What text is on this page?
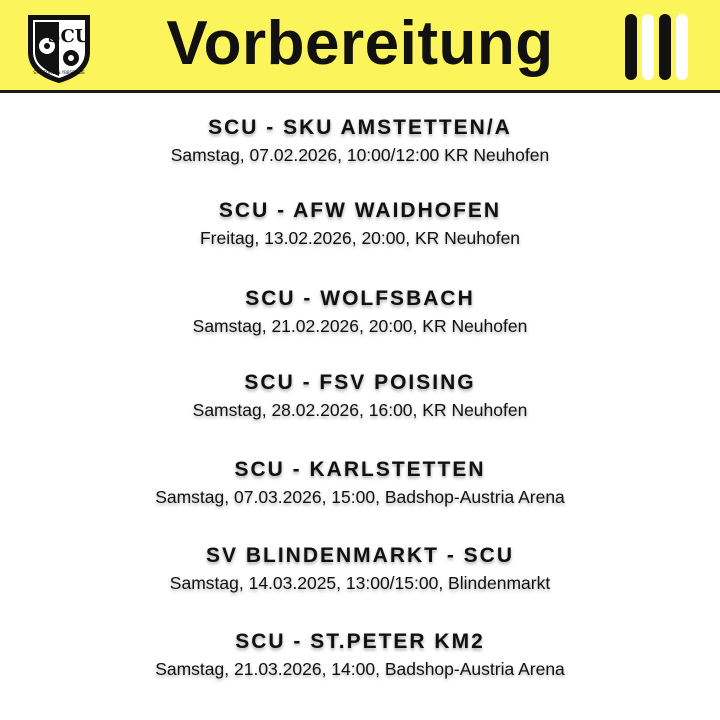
SCU
ST. GEORGEN YBBSFELDE	Vorbereitung
SCU - SKU AMSTETTEN/A
Samstag, 07.02.2026, 10:00/12:00 KR Neuhofen
SCU - AFW WAIDHOFEN
Freitag, 13.02.2026, 20:00, KR Neuhofen
SCU - WOLFSBACH
Samstag, 21.02.2026, 20:00, KR Neuhofen
SCU - FSV POISING
Samstag, 28.02.2026, 16:00, KR Neuhofen
SCU - KARLSTETTEN
Samstag, 07.03.2026, 15:00, Badshop-Austria Arena
SV BLINDENMARKT - SCU
Samstag, 14.03.2025, 13:00/15:00, Blindenmarkt
SCU - ST.PETER KM2
Samstag, 21.03.2026, 14:00, Badshop-Austria Arena
